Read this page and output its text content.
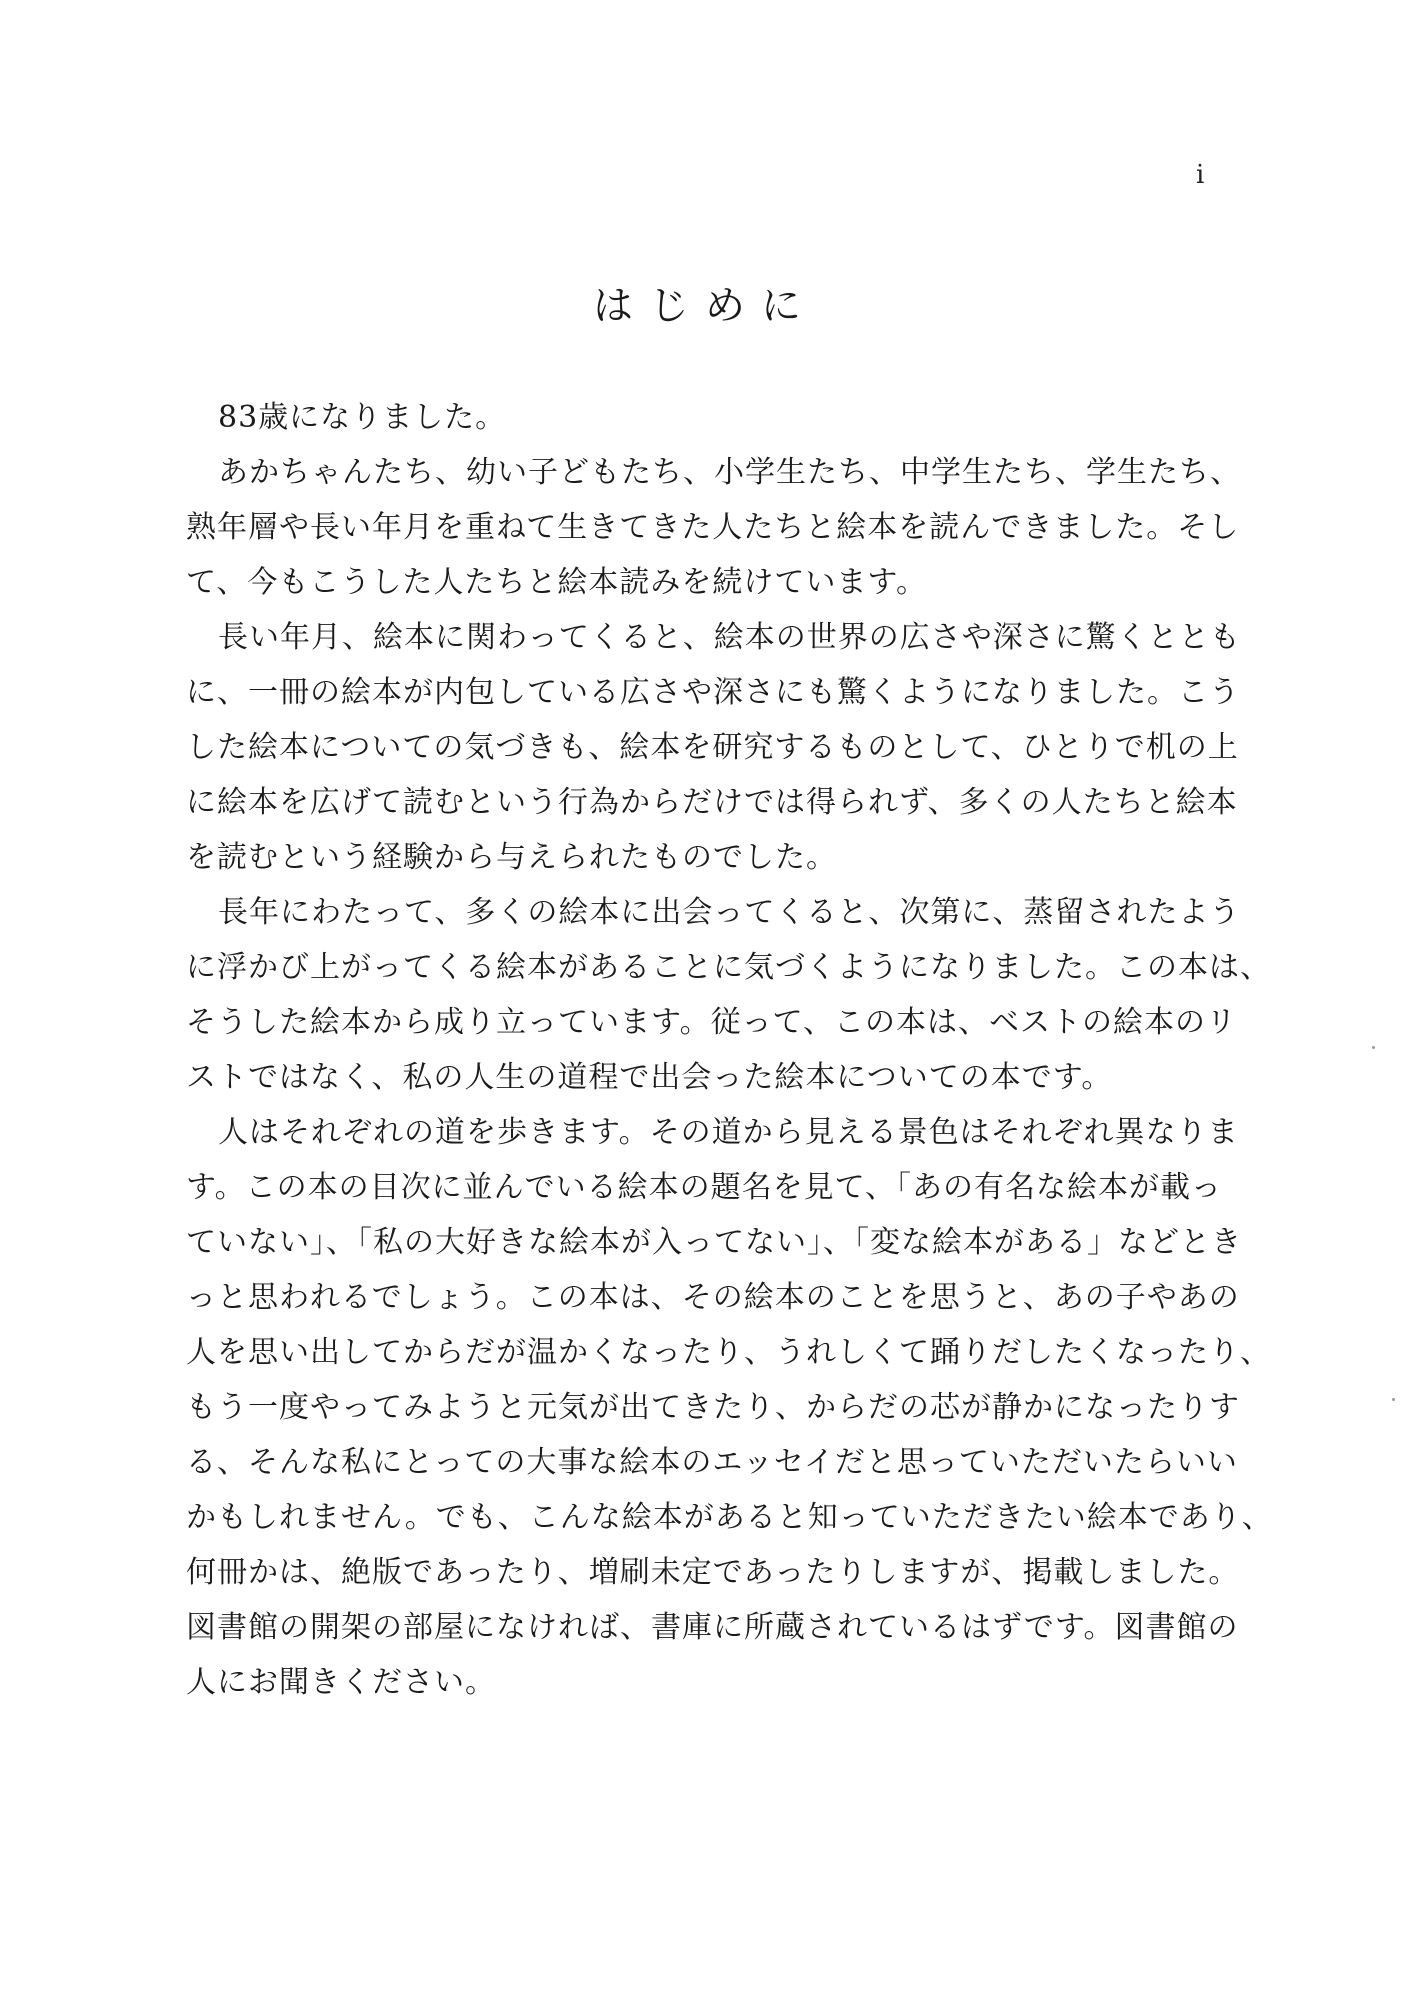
i
はじめに
83歳になりました。
あかちゃんたち、幼い子どもたち、小学生たち、中学生たち、学生たち、
熟年層や長い年月を重ねて生きてきた人たちと絵本を読んできました。そし
て、今もこうした人たちと絵本読みを続けています。
長い年月、絵本に関わってくると、絵本の世界の広さや深さに驚くととも
に、一冊の絵本が内包している広さや深さにも驚くようになりました。こう
した絵本についての気づきも、絵本を研究するものとして、ひとりで机の上
に絵本を広げて読むという行為からだけでは得られず、多くの人たちと絵本
を読むという経験から与えられたものでした。
長年にわたって、多くの絵本に出会ってくると、次第に、蒸留されたよう
に浮かび上がってくる絵本があることに気づくようになりました。この本は、
そうした絵本から成り立っています。従って、この本は、ベストの絵本のリ
ストではなく、私の人生の道程で出会った絵本についての本です。
人はそれぞれの道を歩きます。その道から見える景色はそれぞれ異なりま
す。この本の目次に並んでいる絵本の題名を見て、「あの有名な絵本が載っ
ていない」、「私の大好きな絵本が入ってない」、「変な絵本がある」などとき
っと思われるでしょう。この本は、その絵本のことを思うと、あの子やあの
人を思い出してからだが温かくなったり、うれしくて踊りだしたくなったり、
もう一度やってみようと元気が出てきたり、からだの芯が静かになったりす
る、そんな私にとっての大事な絵本のエッセイだと思っていただいたらいい
かもしれません。でも、こんな絵本があると知っていただきたい絵本であり、
何冊かは、絶版であったり、増刷未定であったりしますが、掲載しました。
図書館の開架の部屋になければ、書庫に所蔵されているはずです。図書館の
人にお聞きください。
